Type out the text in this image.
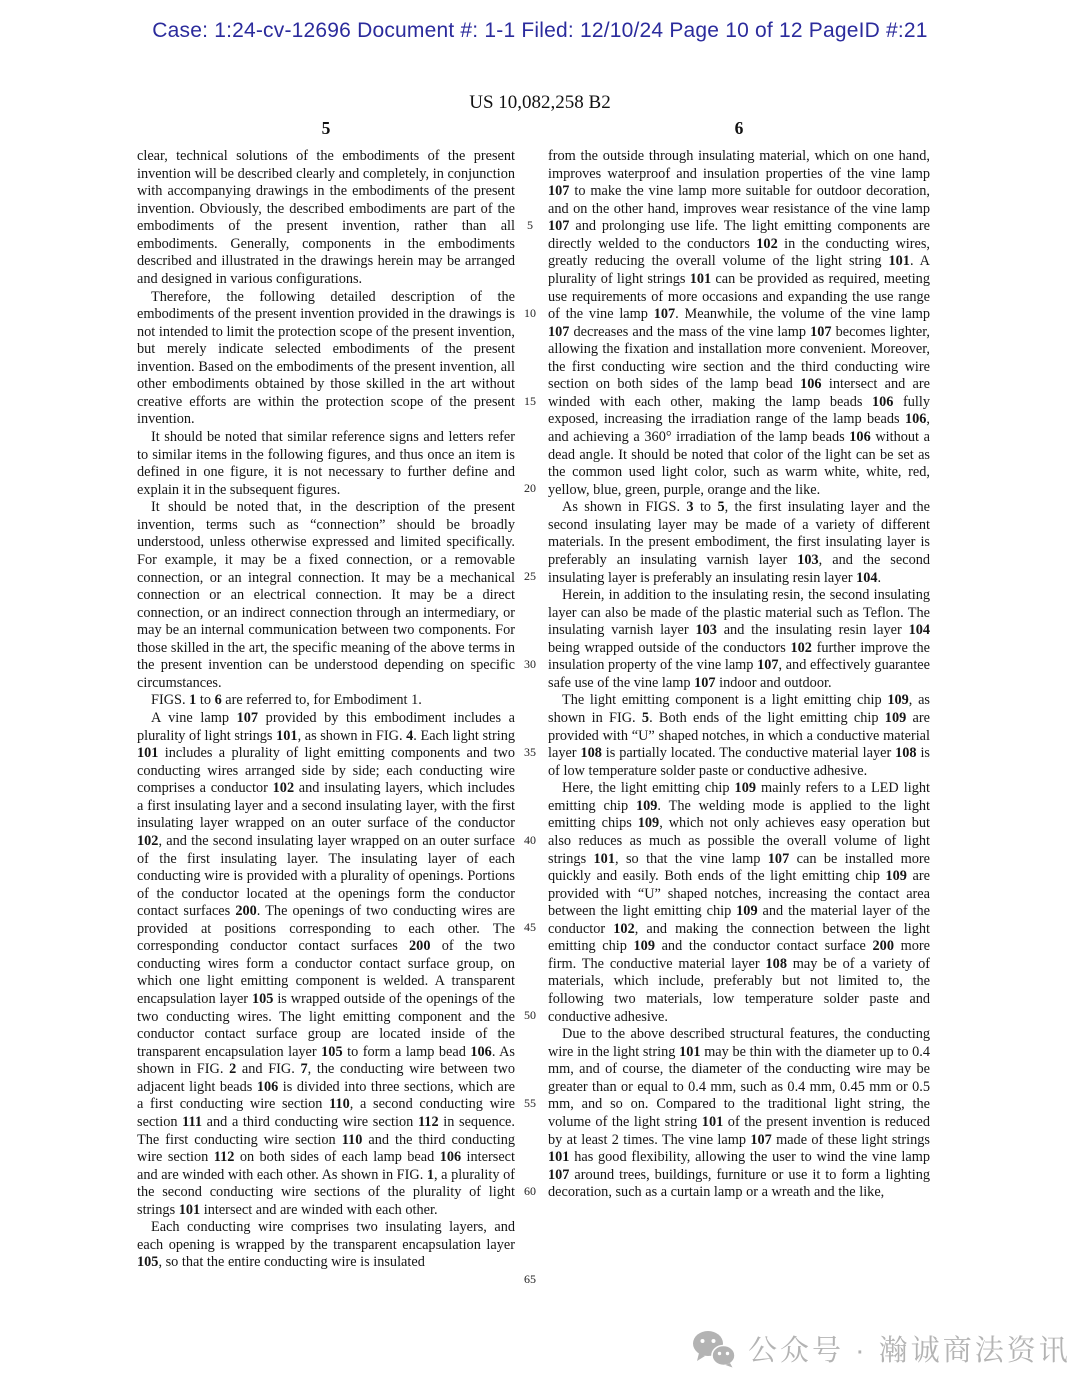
Case: 1:24-cv-12696 Document #: 1-1 Filed: 12/10/24 Page 10 of 12 PageID #:21
US 10,082,258 B2
5	6

clear, technical solutions of the embodiments of the present invention will be described clearly and completely, in conjunction with accompanying drawings in the embodiments of the present invention. Obviously, the described embodiments are part of the embodiments of the present invention, rather than all embodiments. Generally, components in the embodiments described and illustrated in the drawings herein may be arranged and designed in various configurations.

Therefore, the following detailed description of the embodiments of the present invention provided in the drawings is not intended to limit the protection scope of the present invention, but merely indicate selected embodiments of the present invention. Based on the embodiments of the present invention, all other embodiments obtained by those skilled in the art without creative efforts are within the protection scope of the present invention.

It should be noted that similar reference signs and letters refer to similar items in the following figures, and thus once an item is defined in one figure, it is not necessary to further define and explain it in the subsequent figures.

It should be noted that, in the description of the present invention, terms such as “connection” should be broadly understood, unless otherwise expressed and limited specifically. For example, it may be a fixed connection, or a removable connection, or an integral connection. It may be a mechanical connection or an electrical connection. It may be a direct connection, or an indirect connection through an intermediary, or may be an internal communication between two components. For those skilled in the art, the specific meaning of the above terms in the present invention can be understood depending on specific circumstances.

FIGS. 1 to 6 are referred to, for Embodiment 1.

A vine lamp 107 provided by this embodiment includes a plurality of light strings 101, as shown in FIG. 4. Each light string 101 includes a plurality of light emitting components and two conducting wires arranged side by side; each conducting wire comprises a conductor 102 and insulating layers, which includes a first insulating layer and a second insulating layer, with the first insulating layer wrapped on an outer surface of the conductor 102, and the second insulating layer wrapped on an outer surface of the first insulating layer. The insulating layer of each conducting wire is provided with a plurality of openings. Portions of the conductor located at the openings form the conductor contact surfaces 200. The openings of two conducting wires are provided at positions corresponding to each other. The corresponding conductor contact surfaces 200 of the two conducting wires form a conductor contact surface group, on which one light emitting component is welded. A transparent encapsulation layer 105 is wrapped outside of the openings of the two conducting wires. The light emitting component and the conductor contact surface group are located inside of the transparent encapsulation layer 105 to form a lamp bead 106. As shown in FIG. 2 and FIG. 7, the conducting wire between two adjacent light beads 106 is divided into three sections, which are a first conducting wire section 110, a second conducting wire section 111 and a third conducting wire section 112 in sequence. The first conducting wire section 110 and the third conducting wire section 112 on both sides of each lamp bead 106 intersect and are winded with each other. As shown in FIG. 1, a plurality of the second conducting wire sections of the plurality of light strings 101 intersect and are winded with each other.

Each conducting wire comprises two insulating layers, and each opening is wrapped by the transparent encapsulation layer 105, so that the entire conducting wire is insulated

5
10
15
20
25
30
35
40
45
50
55
60
65

from the outside through insulating material, which on one hand, improves waterproof and insulation properties of the vine lamp 107 to make the vine lamp more suitable for outdoor decoration, and on the other hand, improves wear resistance of the vine lamp 107 and prolonging use life. The light emitting components are directly welded to the conductors 102 in the conducting wires, greatly reducing the overall volume of the light string 101. A plurality of light strings 101 can be provided as required, meeting use requirements of more occasions and expanding the use range of the vine lamp 107. Meanwhile, the volume of the vine lamp 107 decreases and the mass of the vine lamp 107 becomes lighter, allowing the fixation and installation more convenient. Moreover, the first conducting wire section and the third conducting wire section on both sides of the lamp bead 106 intersect and are winded with each other, making the lamp beads 106 fully exposed, increasing the irradiation range of the lamp beads 106, and achieving a 360° irradiation of the lamp beads 106 without a dead angle. It should be noted that color of the light can be set as the common used light color, such as warm white, white, red, yellow, blue, green, purple, orange and the like.

As shown in FIGS. 3 to 5, the first insulating layer and the second insulating layer may be made of a variety of different materials. In the present embodiment, the first insulating layer is preferably an insulating varnish layer 103, and the second insulating layer is preferably an insulating resin layer 104.

Herein, in addition to the insulating resin, the second insulating layer can also be made of the plastic material such as Teflon. The insulating varnish layer 103 and the insulating resin layer 104 being wrapped outside of the conductors 102 further improve the insulation property of the vine lamp 107, and effectively guarantee safe use of the vine lamp 107 indoor and outdoor.

The light emitting component is a light emitting chip 109, as shown in FIG. 5. Both ends of the light emitting chip 109 are provided with “U” shaped notches, in which a conductive material layer 108 is partially located. The conductive material layer 108 is of low temperature solder paste or conductive adhesive.

Here, the light emitting chip 109 mainly refers to a LED light emitting chip 109. The welding mode is applied to the light emitting chips 109, which not only achieves easy operation but also reduces as much as possible the overall volume of light strings 101, so that the vine lamp 107 can be installed more quickly and easily. Both ends of the light emitting chip 109 are provided with “U” shaped notches, increasing the contact area between the light emitting chip 109 and the material layer of the conductor 102, and making the connection between the light emitting chip 109 and the conductor contact surface 200 more firm. The conductive material layer 108 may be of a variety of materials, which include, preferably but not limited to, the following two materials, low temperature solder paste and conductive adhesive.

Due to the above described structural features, the conducting wire in the light string 101 may be thin with the diameter up to 0.4 mm, and of course, the diameter of the conducting wire may be greater than or equal to 0.4 mm, such as 0.4 mm, 0.45 mm or 0.5 mm, and so on. Compared to the traditional light string, the volume of the light string 101 of the present invention is reduced by at least 2 times. The vine lamp 107 made of these light strings 101 has good flexibility, allowing the user to wind the vine lamp 107 around trees, buildings, furniture or use it to form a lighting decoration, such as a curtain lamp or a wreath and the like,

公众号 · 瀚诚商法资讯
